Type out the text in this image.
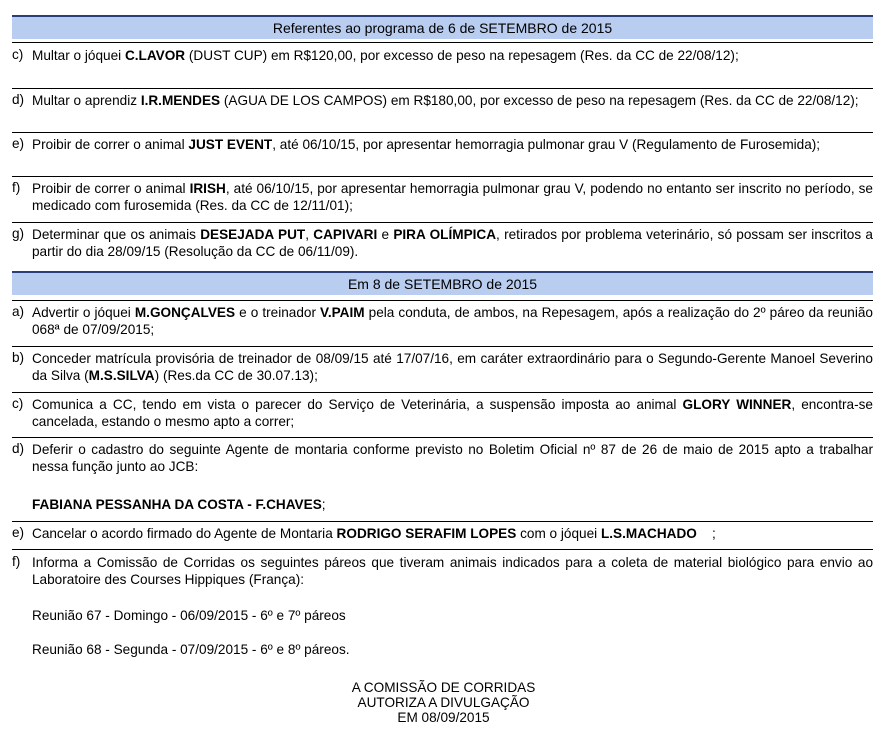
Referentes ao programa de 6 de SETEMBRO de 2015
c) Multar o jóquei C.LAVOR (DUST CUP) em R$120,00, por excesso de peso na repesagem (Res. da CC de 22/08/12);
d) Multar o aprendiz I.R.MENDES (AGUA DE LOS CAMPOS) em R$180,00, por excesso de peso na repesagem (Res. da CC de 22/08/12);
e) Proibir de correr o animal JUST EVENT, até 06/10/15, por apresentar hemorragia pulmonar grau V (Regulamento de Furosemida);
f) Proibir de correr o animal IRISH, até 06/10/15, por apresentar hemorragia pulmonar grau V, podendo no entanto ser inscrito no período, se medicado com furosemida (Res. da CC de 12/11/01);
g) Determinar que os animais DESEJADA PUT, CAPIVARI e PIRA OLÍMPICA, retirados por problema veterinário, só possam ser inscritos a partir do dia 28/09/15 (Resolução da CC de 06/11/09).
Em 8 de SETEMBRO de 2015
a) Advertir o jóquei M.GONÇALVES e o treinador V.PAIM pela conduta, de ambos, na Repesagem, após a realização do 2º páreo da reunião 068ª de 07/09/2015;
b) Conceder matrícula provisória de treinador de 08/09/15 até 17/07/16, em caráter extraordinário para o Segundo-Gerente Manoel Severino da Silva (M.S.SILVA) (Res.da CC de 30.07.13);
c) Comunica a CC, tendo em vista o parecer do Serviço de Veterinária, a suspensão imposta ao animal GLORY WINNER, encontra-se cancelada, estando o mesmo apto a correr;
d) Deferir o cadastro do seguinte Agente de montaria conforme previsto no Boletim Oficial nº 87 de 26 de maio de 2015 apto a trabalhar nessa função junto ao JCB:
FABIANA PESSANHA DA COSTA - F.CHAVES;
e) Cancelar o acordo firmado do Agente de Montaria RODRIGO SERAFIM LOPES com o jóquei L.S.MACHADO    ;
f) Informa a Comissão de Corridas os seguintes páreos que tiveram animais indicados para a coleta de material biológico para envio ao Laboratoire des Courses Hippiques (França):
Reunião 67 - Domingo - 06/09/2015 - 6º e 7º páreos
Reunião 68 - Segunda - 07/09/2015 - 6º e 8º páreos.
A COMISSÃO DE CORRIDAS
AUTORIZA A DIVULGAÇÃO
EM 08/09/2015
